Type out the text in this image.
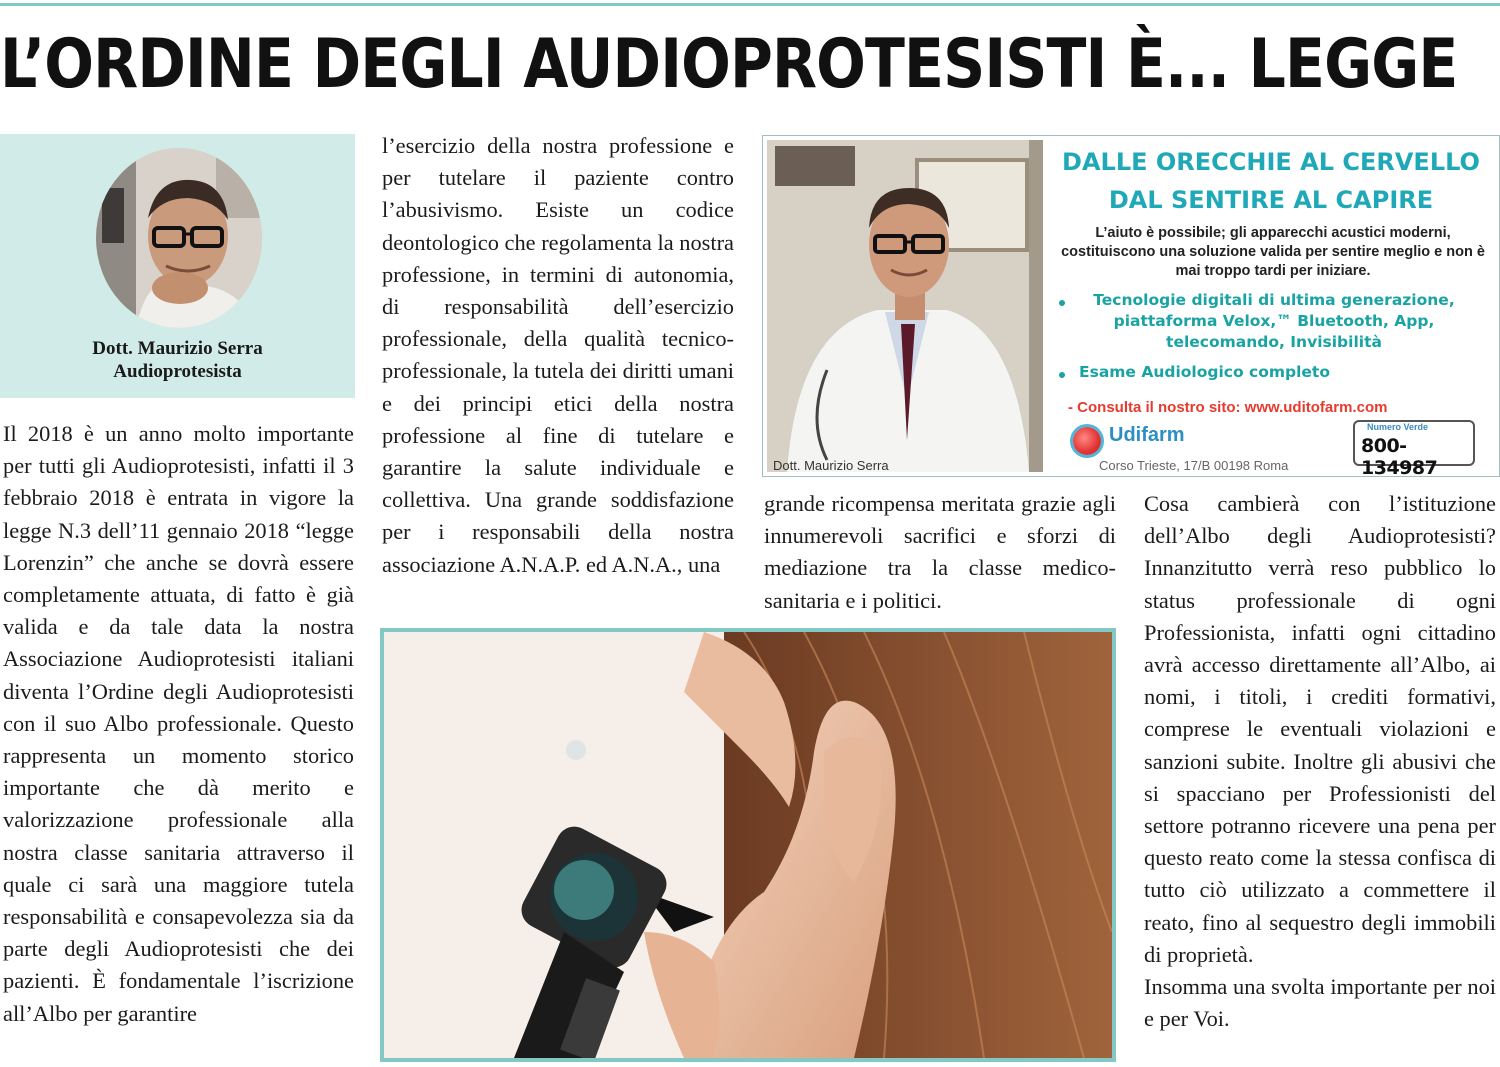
L’ORDINE DEGLI AUDIOPROTESISTI È... LEGGE
Dott. Maurizio Serra
Audioprotesista

Il 2018 è un anno molto importante per tutti gli Audioprotesisti, infatti il 3 febbraio 2018 è entrata in vigore la legge N.3 dell’11 gennaio 2018 “legge Lorenzin” che anche se dovrà essere completamente attuata, di fatto è già valida e da tale data la nostra Associazione Audioprotesisti italiani diventa l’Ordine degli Audioprotesisti con il suo Albo professionale. Questo rappresenta un momento storico importante che dà merito e valorizzazione professionale alla nostra classe sanitaria attraverso il quale ci sarà una maggiore tutela responsabilità e consapevolezza sia da parte degli Audioprotesisti che dei pazienti. È fondamentale l’iscrizione all’Albo per garantire

l’esercizio della nostra professione e per tutelare il paziente contro l’abusivismo. Esiste un codice deontologico che regolamenta la nostra professione, in termini di autonomia, di responsabilità dell’esercizio professionale, della qualità tecnico-professionale, la tutela dei diritti umani e dei principi etici della nostra professione al fine di tutelare e garantire la salute individuale e collettiva. Una grande soddisfazione per i responsabili della nostra associazione A.N.A.P. ed A.N.A., una

grande ricompensa meritata grazie agli innumerevoli sacrifici e sforzi di mediazione tra la classe medico-sanitaria e i politici.

Cosa cambierà con l’istituzione dell’Albo degli Audioprotesisti? Innanzitutto verrà reso pubblico lo status professionale di ogni Professionista, infatti ogni cittadino avrà accesso direttamente all’Albo, ai nomi, i titoli, i crediti formativi, comprese le eventuali violazioni e sanzioni subite. Inoltre gli abusivi che si spacciano per Professionisti del settore potranno ricevere una pena per questo reato come la stessa confisca di tutto ciò utilizzato a commettere il reato, fino al sequestro degli immobili di proprietà.

Insomma una svolta importante per noi e per Voi.

Dott. Maurizio Serra
DALLE ORECCHIE AL CERVELLO
DAL SENTIRE AL CAPIRE
L’aiuto è possibile; gli apparecchi acustici moderni, costituiscono una soluzione valida per sentire meglio e non è mai troppo tardi per iniziare.
Tecnologie digitali di ultima generazione, piattaforma Velox,™ Bluetooth, App, telecomando, Invisibilità
Esame Audiologico completo
- Consulta il nostro sito: www.uditofarm.com
Udifarm
Corso Trieste, 17/B 00198 Roma
Numero Verde
800-134987
